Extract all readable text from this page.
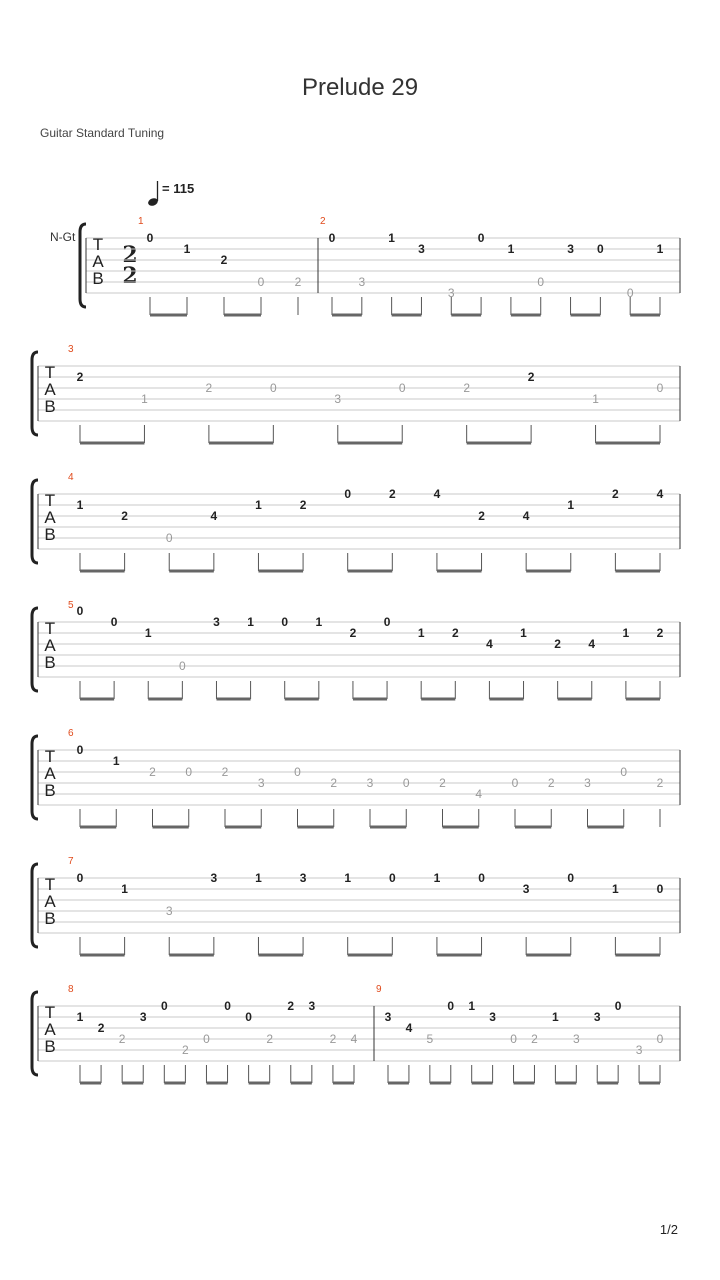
Prelude 29
Guitar Standard Tuning
= 115
N-Gt
2
2
T
A
B
1
0
1
2
0	2
2
0
3
1
3
3
0
1
0
3 0
0
1
T
A
B
3
2
1
2	0
3
0	2
2
1
0
T
A
B
4
1
2
0
4
1	2
0	2	4
2	4
1
2	4
T
A
B
5 0
0
1
0
3 1 0 1
2
0
1 2
4
1
2 4
1 2
T
A
B
6
0
1
2 0 2
3
0
2 3 0 2
4
0 2 3
0
2
T
A
B
7
0
1
3
3	1	3	1	0	1	0
3
0
1	0
T
A
B
8
1
2
2
3
0
2
0
0
0
2
2 3
2 4
9
3
4
5
0 1
3
0 2
1
3
3
0
3
0
1/2
